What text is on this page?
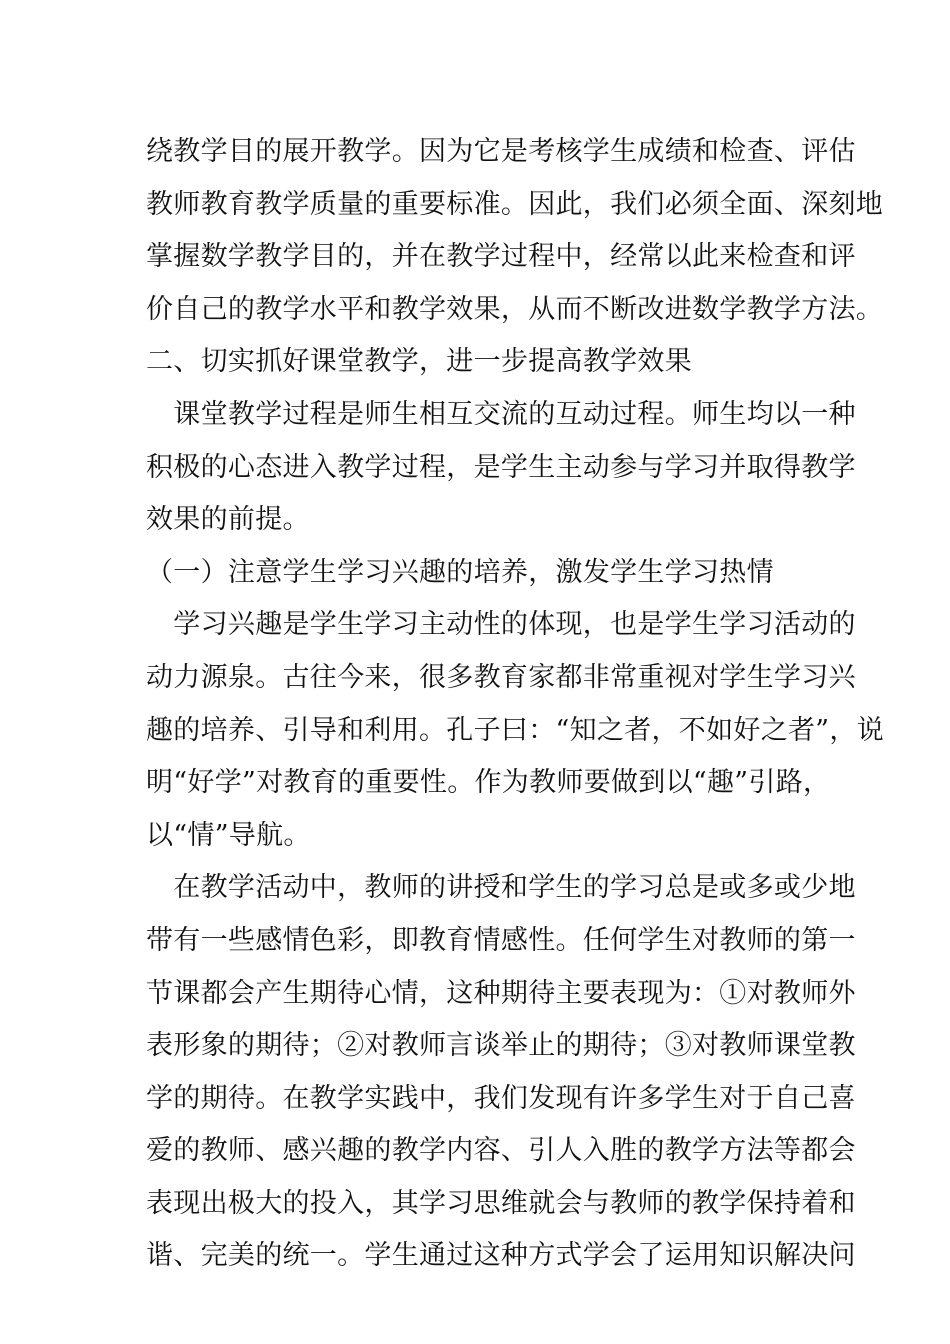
绕教学目的展开教学。因为它是考核学生成绩和检查、评估
教师教育教学质量的重要标准。因此，我们必须全面、深刻地
掌握数学教学目的，并在教学过程中，经常以此来检查和评
价自己的教学水平和教学效果，从而不断改进数学教学方法。
二、切实抓好课堂教学，进一步提高教学效果
　课堂教学过程是师生相互交流的互动过程。师生均以一种
积极的心态进入教学过程，是学生主动参与学习并取得教学
效果的前提。
（一）注意学生学习兴趣的培养，激发学生学习热情
　学习兴趣是学生学习主动性的体现，也是学生学习活动的
动力源泉。古往今来，很多教育家都非常重视对学生学习兴
趣的培养、引导和利用。孔子曰：“知之者，不如好之者”，说
明“好学”对教育的重要性。作为教师要做到以“趣”引路，
以“情”导航。
　在教学活动中，教师的讲授和学生的学习总是或多或少地
带有一些感情色彩，即教育情感性。任何学生对教师的第一
节课都会产生期待心情，这种期待主要表现为：①对教师外
表形象的期待；②对教师言谈举止的期待；③对教师课堂教
学的期待。在教学实践中，我们发现有许多学生对于自己喜
爱的教师、感兴趣的教学内容、引人入胜的教学方法等都会
表现出极大的投入，其学习思维就会与教师的教学保持着和
谐、完美的统一。学生通过这种方式学会了运用知识解决问
